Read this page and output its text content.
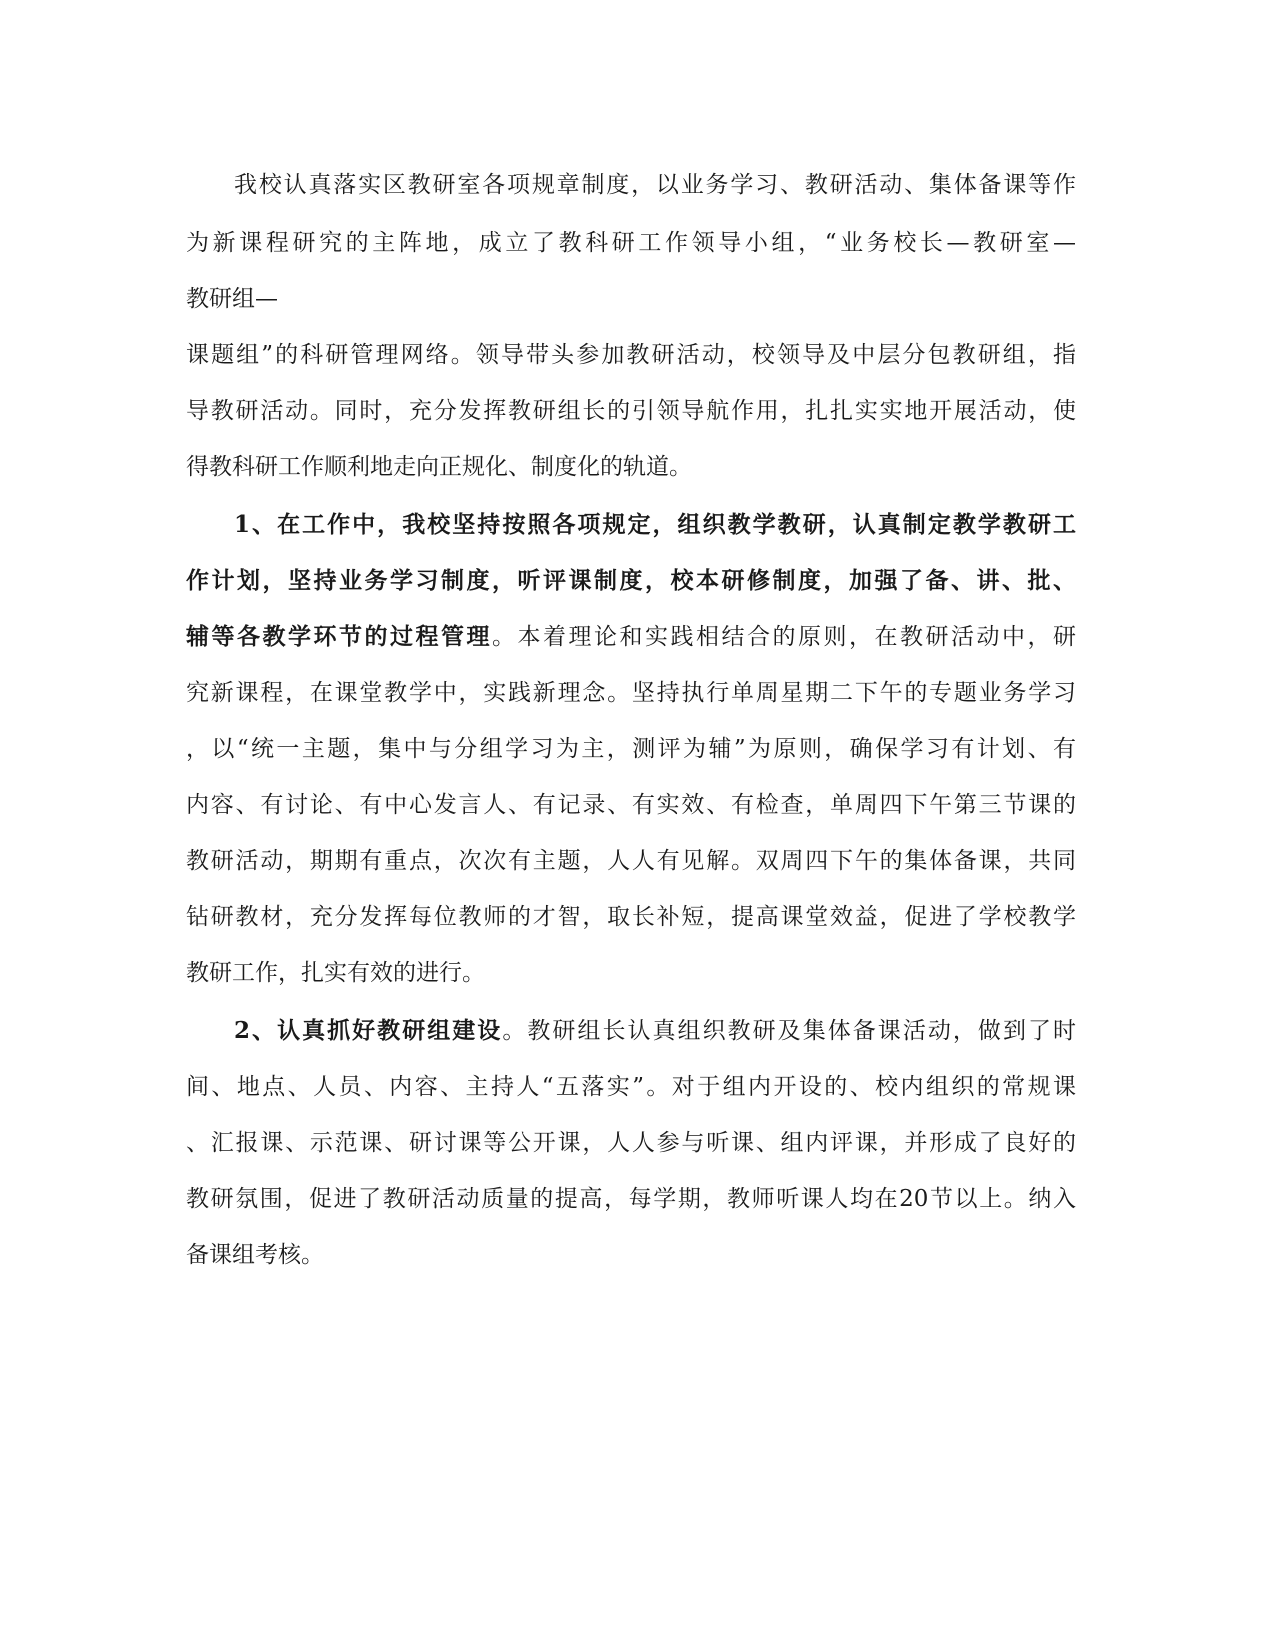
我校认真落实区教研室各项规章制度，以业务学习、教研活动、集体备课等作

为新课程研究的主阵地，成立了教科研工作领导小组，“业务校长—教研室—

教研组—

课题组”的科研管理网络。领导带头参加教研活动，校领导及中层分包教研组，指

导教研活动。同时，充分发挥教研组长的引领导航作用，扎扎实实地开展活动，使

得教科研工作顺利地走向正规化、制度化的轨道。

1、在工作中，我校坚持按照各项规定，组织教学教研，认真制定教学教研工

作计划，坚持业务学习制度，听评课制度，校本研修制度，加强了备、讲、批、

辅等各教学环节的过程管理。本着理论和实践相结合的原则，在教研活动中，研

究新课程，在课堂教学中，实践新理念。坚持执行单周星期二下午的专题业务学习

，以“统一主题，集中与分组学习为主，测评为辅”为原则，确保学习有计划、有

内容、有讨论、有中心发言人、有记录、有实效、有检查，单周四下午第三节课的

教研活动，期期有重点，次次有主题，人人有见解。双周四下午的集体备课，共同

钻研教材，充分发挥每位教师的才智，取长补短，提高课堂效益，促进了学校教学

教研工作，扎实有效的进行。

2、认真抓好教研组建设。教研组长认真组织教研及集体备课活动，做到了时

间、地点、人员、内容、主持人“五落实”。对于组内开设的、校内组织的常规课

、汇报课、示范课、研讨课等公开课，人人参与听课、组内评课，并形成了良好的

教研氛围，促进了教研活动质量的提高，每学期，教师听课人均在20节以上。纳入

备课组考核。
